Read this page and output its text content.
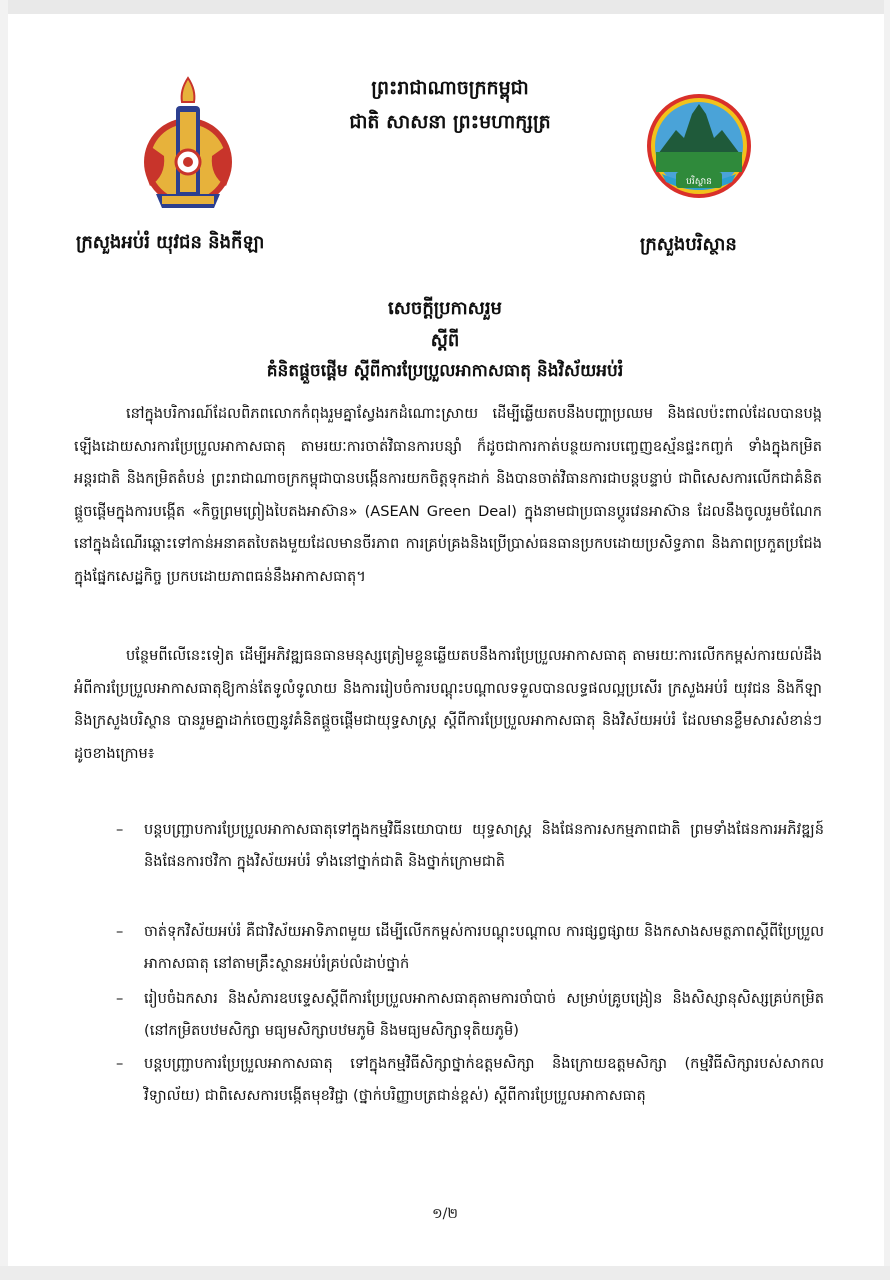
បរិស្ថាន
ព្រះរាជាណាចក្រកម្ពុជា
ជាតិ សាសនា ព្រះមហាក្សត្រ
ក្រសួងអប់រំ យុវជន និងកីឡា	ក្រសួងបរិស្ថាន
សេចក្តីប្រកាសរួម
ស្តីពី
គំនិតផ្តួចផ្តើម ស្តីពីការប្រែប្រួលអាកាសធាតុ និងវិស័យអប់រំ
នៅក្នុងបរិការណ៍ដែលពិភពលោកកំពុងរួមគ្នាស្វែងរកដំណោះស្រាយ ដើម្បីឆ្លើយតបនឹងបញ្ហាប្រឈម និងផលប៉ះពាល់ដែលបានបង្កឡើងដោយសារការប្រែប្រួលអាកាសធាតុ តាមរយៈការចាត់វិធានការបន្សាំ ក៏ដូចជាការកាត់បន្ថយការបញ្ចេញឧស្ម័នផ្ទះកញ្ចក់ ទាំងក្នុងកម្រិតអន្តរជាតិ និងកម្រិតតំបន់ ព្រះរាជាណាចក្រកម្ពុជាបានបង្កើនការយកចិត្តទុកដាក់ និងបានចាត់វិធានការជាបន្តបន្ទាប់ ជាពិសេសការលើកជាគំនិតផ្តួចផ្តើមក្នុងការបង្កើត «កិច្ចព្រមព្រៀងបៃតងអាស៊ាន» (ASEAN Green Deal) ក្នុងនាមជាប្រធានប្តូរវេនអាស៊ាន ដែលនឹងចូលរួមចំណែកនៅក្នុងដំណើរឆ្ពោះទៅកាន់អនាគតបៃតងមួយដែលមានចីរភាព ការគ្រប់គ្រងនិងប្រើប្រាស់ធនធានប្រកបដោយប្រសិទ្ធភាព និងភាពប្រកួតប្រជែងក្នុងផ្នែកសេដ្ឋកិច្ច ប្រកបដោយភាពធន់នឹងអាកាសធាតុ។
បន្ថែមពីលើនេះទៀត ដើម្បីអភិវឌ្ឍធនធានមនុស្សត្រៀមខ្លួនឆ្លើយតបនឹងការប្រែប្រួលអាកាសធាតុ តាមរយៈការលើកកម្ពស់ការយល់ដឹងអំពីការប្រែប្រួលអាកាសធាតុឱ្យកាន់តែទូលំទូលាយ និងការរៀបចំការបណ្តុះបណ្តាលទទួលបានលទ្ធផលល្អប្រសើរ ក្រសួងអប់រំ យុវជន និងកីឡា និងក្រសួងបរិស្ថាន បានរួមគ្នាដាក់ចេញនូវគំនិតផ្តួចផ្តើមជាយុទ្ធសាស្ត្រ ស្តីពីការប្រែប្រួលអាកាសធាតុ និងវិស័យអប់រំ ដែលមានខ្លឹមសារសំខាន់ៗដូចខាងក្រោម៖
–	បន្តបញ្ជ្រាបការប្រែប្រួលអាកាសធាតុទៅក្នុងកម្មវិធីនយោបាយ យុទ្ធសាស្ត្រ និងផែនការសកម្មភាពជាតិ ព្រមទាំងផែនការអភិវឌ្ឍន៍ និងផែនការថវិកា ក្នុងវិស័យអប់រំ ទាំងនៅថ្នាក់ជាតិ និងថ្នាក់ក្រោមជាតិ
–	ចាត់ទុកវិស័យអប់រំ គឺជាវិស័យអាទិភាពមួយ ដើម្បីលើកកម្ពស់ការបណ្តុះបណ្តាល ការផ្សព្វផ្សាយ និងកសាងសមត្ថភាពស្តីពីប្រែប្រួលអាកាសធាតុ នៅតាមគ្រឹះស្ថានអប់រំគ្រប់លំដាប់ថ្នាក់
–	រៀបចំឯកសារ និងសំភារឧបទ្ទេសស្តីពីការប្រែប្រួលអាកាសធាតុតាមការចាំបាច់ សម្រាប់គ្រូបង្រៀន និងសិស្សានុសិស្សគ្រប់កម្រិត (នៅកម្រិតបឋមសិក្សា មធ្យមសិក្សាបឋមភូមិ និងមធ្យមសិក្សាទុតិយភូមិ)
–	បន្តបញ្ជ្រាបការប្រែប្រួលអាកាសធាតុ ទៅក្នុងកម្មវិធីសិក្សាថ្នាក់ឧត្តមសិក្សា និងក្រោយឧត្តមសិក្សា (កម្មវិធីសិក្សារបស់សាកលវិទ្យាល័យ) ជាពិសេសការបង្កើតមុខវិជ្ជា (ថ្នាក់បរិញ្ញាបត្រជាន់ខ្ពស់) ស្តីពីការប្រែប្រួលអាកាសធាតុ
១/២
